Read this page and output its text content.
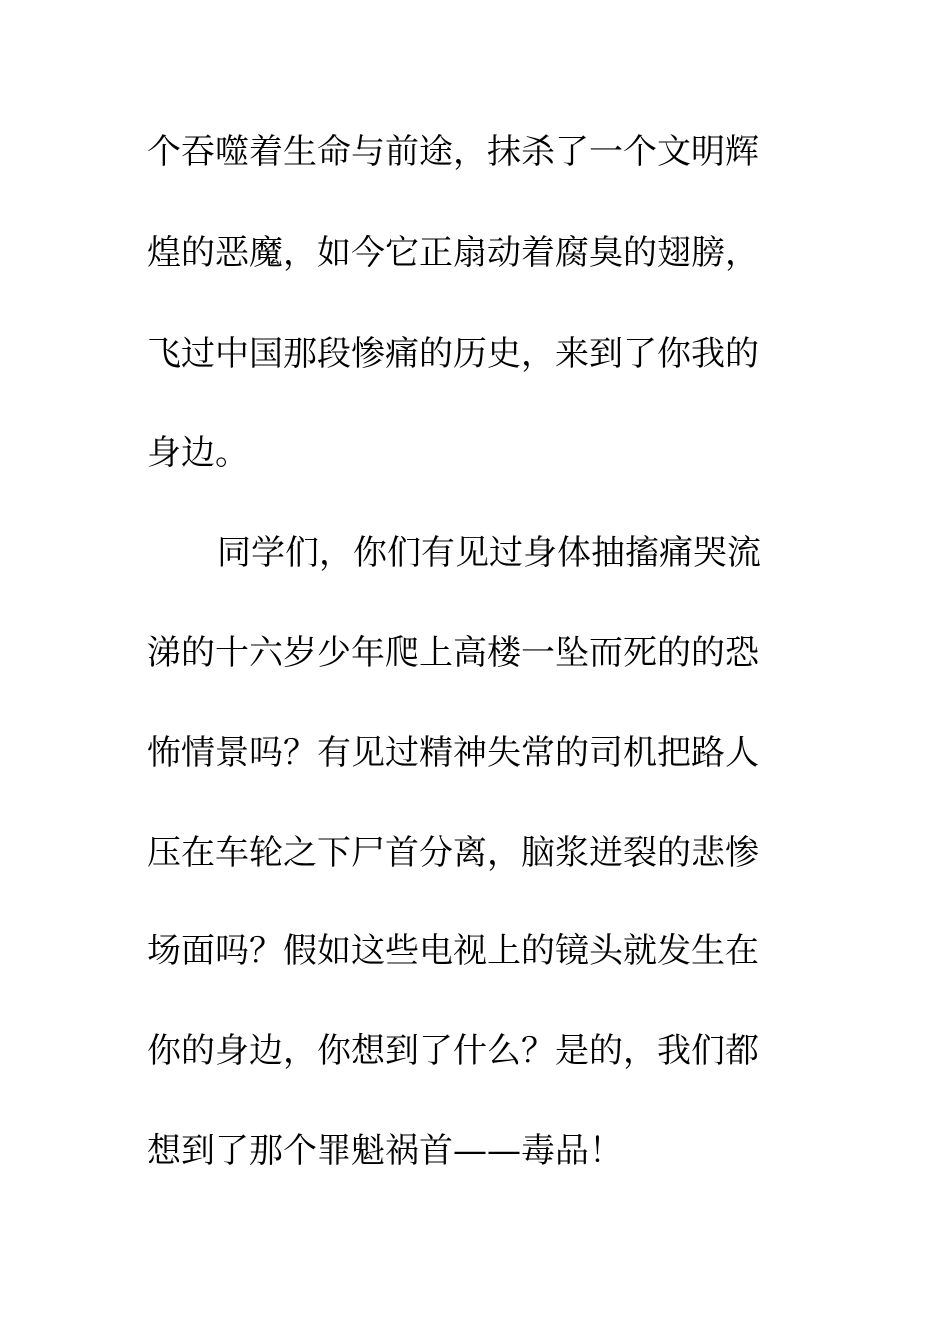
个吞噬着生命与前途，抹杀了一个文明辉
煌的恶魔，如今它正扇动着腐臭的翅膀，
飞过中国那段惨痛的历史，来到了你我的
身边。
同学们，你们有见过身体抽搐痛哭流
涕的十六岁少年爬上高楼一坠而死的的恐
怖情景吗？有见过精神失常的司机把路人
压在车轮之下尸首分离，脑浆迸裂的悲惨
场面吗？假如这些电视上的镜头就发生在
你的身边，你想到了什么？是的，我们都
想到了那个罪魁祸首——毒品！
